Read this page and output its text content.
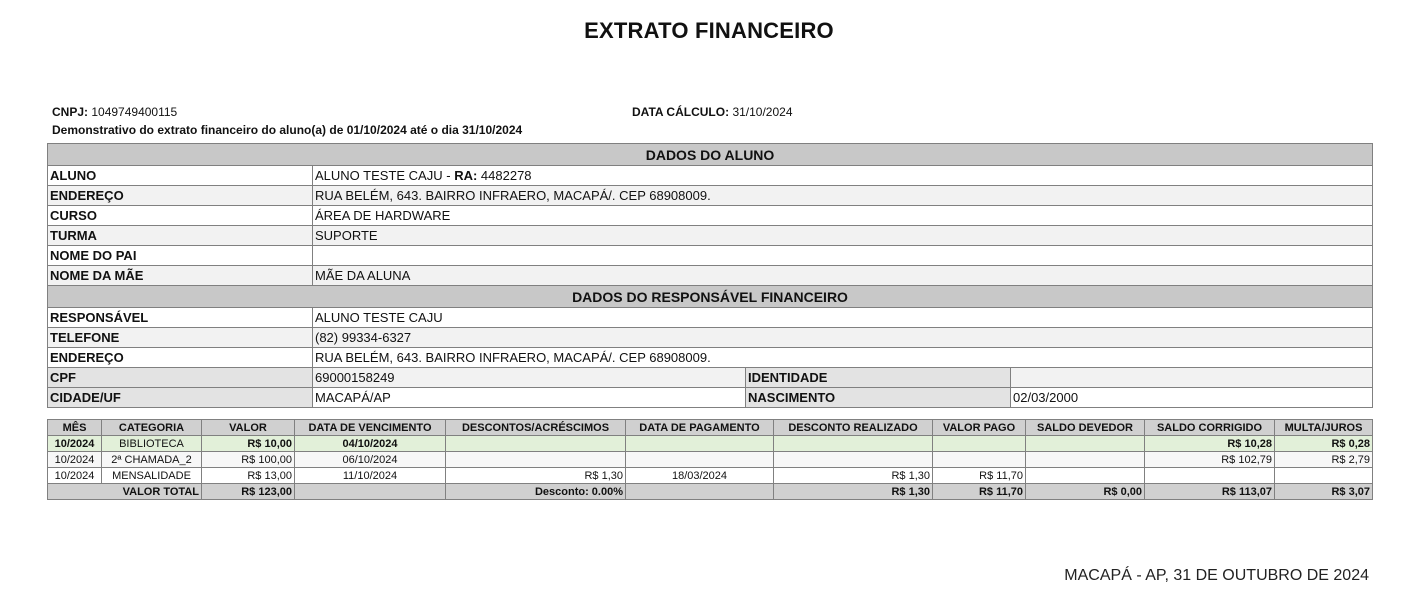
EXTRATO FINANCEIRO
CNPJ: 1049749400115	DATA CÁLCULO: 31/10/2024
Demonstrativo do extrato financeiro do aluno(a) de 01/10/2024 até o dia 31/10/2024
DADOS DO ALUNO			
ALUNO	ALUNO TESTE CAJU - RA: 4482278		
ENDEREÇO	RUA BELÉM, 643. BAIRRO INFRAERO, MACAPÁ/. CEP 68908009.		
CURSO	ÁREA DE HARDWARE		
TURMA	SUPORTE		
NOME DO PAI			
NOME DA MÃE	MÃE DA ALUNA		
DADOS DO RESPONSÁVEL FINANCEIRO			
RESPONSÁVEL	ALUNO TESTE CAJU		
TELEFONE	(82) 99334-6327		
ENDEREÇO	RUA BELÉM, 643. BAIRRO INFRAERO, MACAPÁ/. CEP 68908009.		
CPF	69000158249	IDENTIDADE	
CIDADE/UF	MACAPÁ/AP	NASCIMENTO	02/03/2000
MÊS	CATEGORIA	VALOR	DATA DE VENCIMENTO	DESCONTOS/ACRÉSCIMOS	DATA DE PAGAMENTO	DESCONTO REALIZADO	VALOR PAGO	SALDO DEVEDOR	SALDO CORRIGIDO	MULTA/JUROS
10/2024	BIBLIOTECA	R$ 10,00	04/10/2024						R$ 10,28	R$ 0,28
10/2024	2ª CHAMADA_2	R$ 100,00	06/10/2024						R$ 102,79	R$ 2,79
10/2024	MENSALIDADE	R$ 13,00	11/10/2024	R$ 1,30	18/03/2024	R$ 1,30	R$ 11,70			
VALOR TOTAL		R$ 123,00		Desconto: 0.00%		R$ 1,30	R$ 11,70	R$ 0,00	R$ 113,07	R$ 3,07
MACAPÁ - AP, 31 DE OUTUBRO DE 2024
